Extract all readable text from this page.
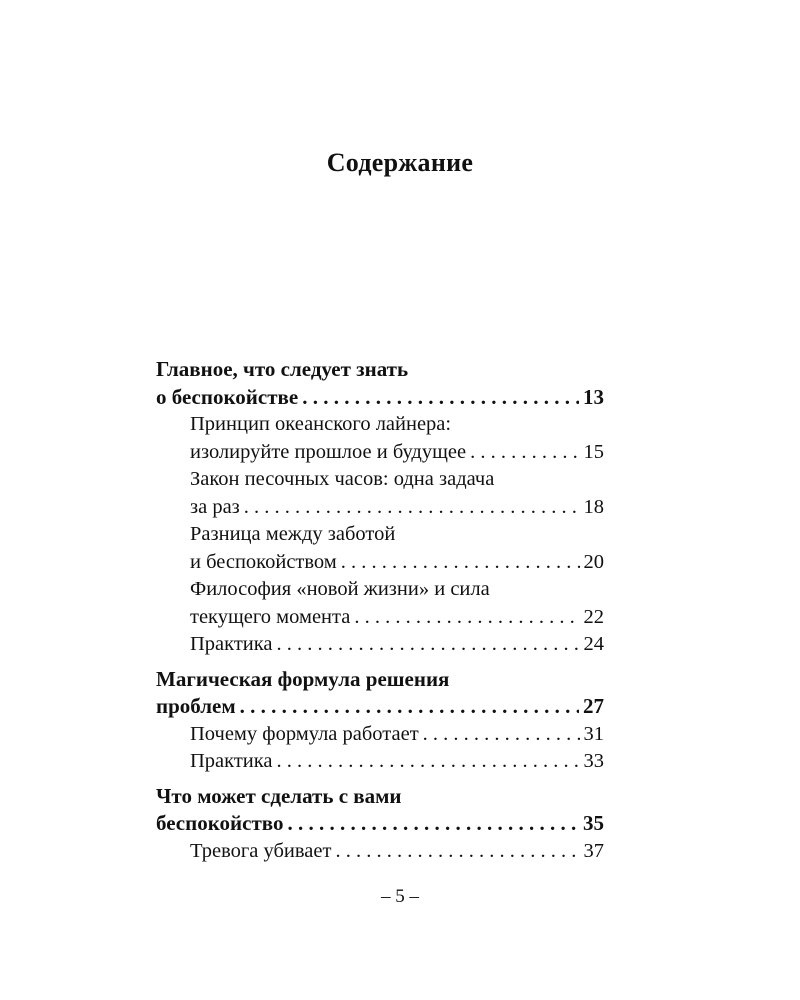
Содержание
Главное, что следует знать
о беспокойстве . . .	13
Принцип океанского лайнера:
изолируйте прошлое и будущее . . .	15
Закон песочных часов: одна задача
за раз . . .	18
Разница между заботой
и беспокойством . . .	20
Философия «новой жизни» и сила
текущего момента . . .	22
Практика . . .	24
Магическая формула решения
проблем . . .	27
Почему формула работает . . .	31
Практика . . .	33
Что может сделать с вами
беспокойство . . .	35
Тревога убивает . . .	37
– 5 –
